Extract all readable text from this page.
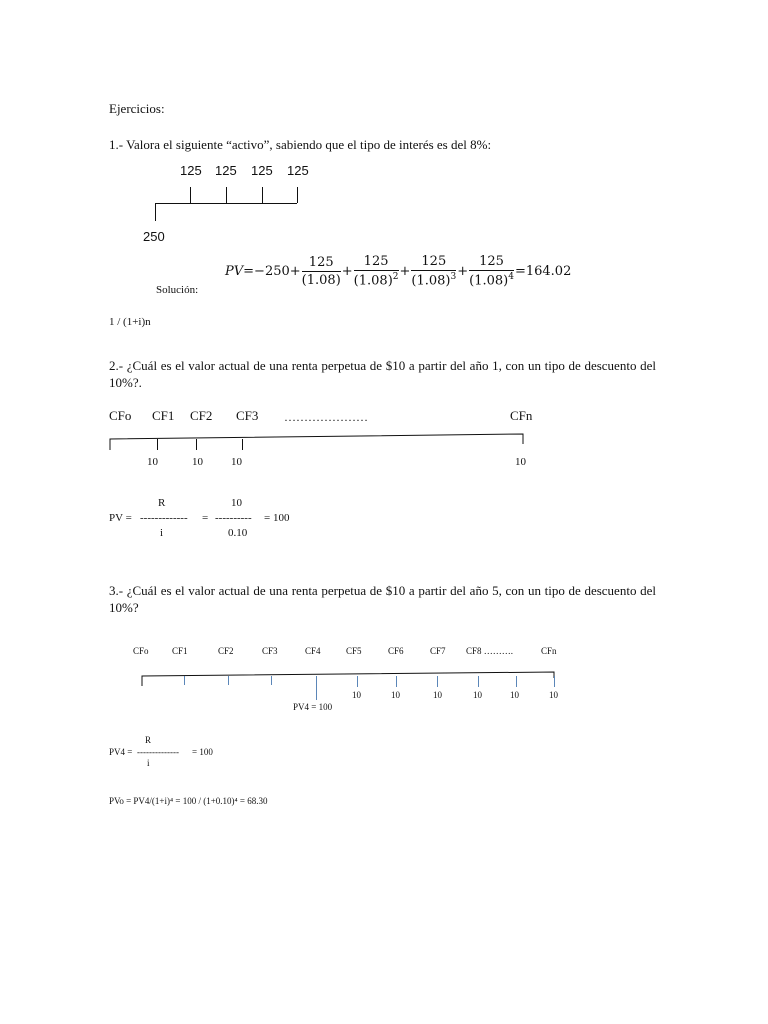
Ejercicios:
1.- Valora el siguiente “activo”, sabiendo que el tipo de interés es del 8%:
125 125 125 125
250
PV = $-250 + \frac{125}{(1.08)} + \frac{125}{(1.08)^2} + \frac{125}{(1.08)^3} + \frac{125}{(1.08)^4} =164.02$
Solución:
1 / (1+i)n
2.- ¿Cuál es el valor actual de una renta perpetua de $10 a partir del año 1, con un tipo de descuento del 10%?.
CFo CF1 CF2 CF3 …………………	CFn
10	10	10	10
R	10
PV = ------------- = ---------- = 100
i	0.10
3.- ¿Cuál es el valor actual de una renta perpetua de $10 a partir del año 5, con un tipo de descuento del 10%?
CFo	CF1	CF2	CF3	CF4	CF5	CF6	CF7 CF8 ……….	CFn
10	10	10	10	10	10
PV4 = 100
R
PV4 = -------------- = 100
i
PVo = PV4/(1+i)⁴ = 100 / (1+0.10)⁴ = 68.30
